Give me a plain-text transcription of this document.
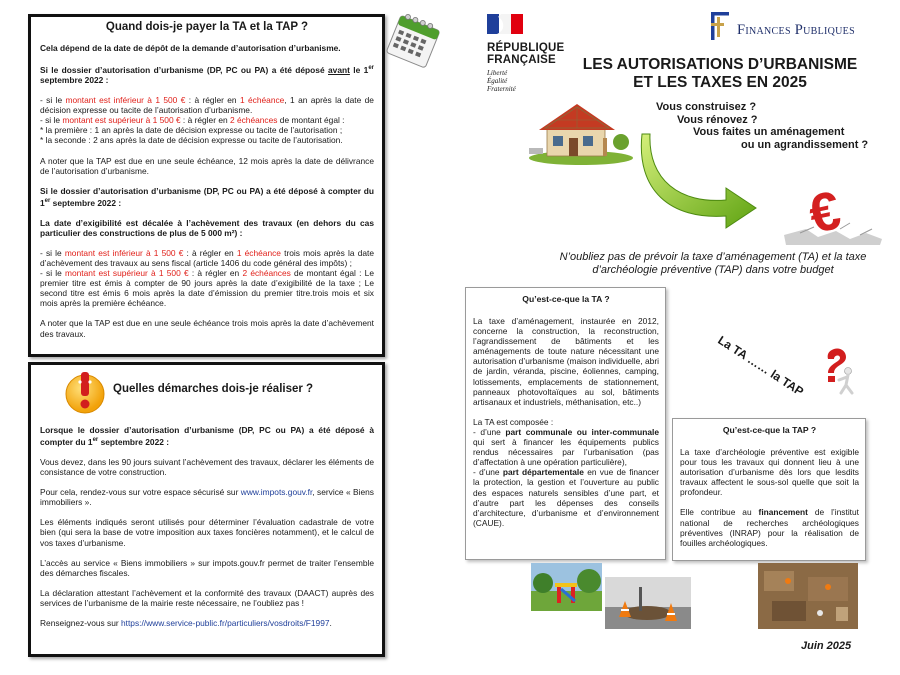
Quand dois-je payer la TA et la TAP ?
Cela dépend de la date de dépôt de la demande d’autorisation d’urbanisme.
Si le dossier d’autorisation d’urbanisme (DP, PC ou PA) a été déposé avant le 1er septembre 2022 :
- si le montant est inférieur à 1 500 € : à régler en 1 échéance, 1 an après la date de décision expresse ou tacite de l’autorisation d’urbanisme.
- si le montant est supérieur à 1 500 € : à régler en 2 échéances de montant égal :
* la première : 1 an après la date de décision expresse ou tacite de l’autorisation ;
* la seconde : 2 ans après la date de décision expresse ou tacite de l’autorisation.
A noter que la TAP est due en une seule échéance, 12 mois après la date de délivrance de l’autorisation d’urbanisme.
Si le dossier d’autorisation d’urbanisme (DP, PC ou PA) a été déposé à compter du 1er septembre 2022 :
La date d’exigibilité est décalée à l’achèvement des travaux (en dehors du cas particulier des constructions de plus de 5 000 m²) :
- si le montant est inférieur à 1 500 € : à régler en 1 échéance trois mois après la date d’achèvement des travaux au sens fiscal (article 1406 du code général des impôts) ;
- si le montant est supérieur à 1 500 € : à régler en 2 échéances de montant égal : Le premier titre est émis à compter de 90 jours après la date d’exigibilité de la taxe ; Le second titre est émis 6 mois après la date d’émission du premier titre.trois mois et six mois après la première échéance.
A noter que la TAP est due en une seule échéance trois mois après la date d’achèvement des travaux.
Quelles démarches dois-je réaliser ?
Lorsque le dossier d’autorisation d’urbanisme (DP, PC ou PA) a été déposé à compter du 1er septembre 2022 :
Vous devez, dans les 90 jours suivant l’achèvement des travaux, déclarer les éléments de consistance de votre construction.
Pour cela, rendez-vous sur votre espace sécurisé sur www.impots.gouv.fr, service « Biens immobiliers ».
Les éléments indiqués seront utilisés pour déterminer l’évaluation cadastrale de votre bien (qui sera la base de votre imposition aux taxes foncières notamment), et le calcul de vos taxes d’urbanisme.
L’accès au service « Biens immobiliers » sur impots.gouv.fr permet de traiter l’ensemble des démarches fiscales.
La déclaration attestant l’achèvement et la conformité des travaux (DAACT) auprès des services de l’urbanisme de la mairie reste nécessaire, ne l’oubliez pas !
Renseignez-vous sur https://www.service-public.fr/particuliers/vosdroits/F1997.
RÉPUBLIQUE
FRANÇAISE
Liberté
Égalité
Fraternité
Finances Publiques
LES AUTORISATIONS D’URBANISME
ET LES TAXES EN 2025
Vous construisez ?
Vous rénovez ?
Vous faites un aménagement
ou un agrandissement ?
€
N’oubliez pas de prévoir la taxe d’aménagement (TA) et la taxe d’archéologie préventive (TAP) dans votre budget
Qu’est-ce-que la TA ?
La taxe d’aménagement, instaurée en 2012, concerne la construction, la reconstruction, l’agrandissement de bâtiments et les aménagements de toute nature nécessitant une autorisation d’urbanisme (maison individuelle, abri de jardin, véranda, piscine, éoliennes, camping, lotissements, emplacements de stationnement, panneaux photovoltaïques au sol, bâtiments artisanaux et industriels, méthanisation, etc..)
La TA est composée :
- d’une part communale ou inter-communale qui sert à financer les équipements publics rendus nécessaires par l’urbanisation (pas d’affectation à une opération particulière),
- d’une part départementale en vue de financer la protection, la gestion et l’ouverture au public des espaces naturels sensibles d’une part, et d’autre part les dépenses des conseils d’architecture, d’urbanisme et d’environnement (CAUE).
La TA …… la TAP
Qu’est-ce-que la TAP ?
La taxe d’archéologie préventive est exigible pour tous les travaux qui donnent lieu à une autorisation d’urbanisme dès lors que lesdits travaux affectent le sous-sol quelle que soit la profondeur.
Elle contribue au financement de l’institut national de recherches archéologiques préventives (INRAP) pour la réalisation de fouilles archéologiques.
Juin 2025
